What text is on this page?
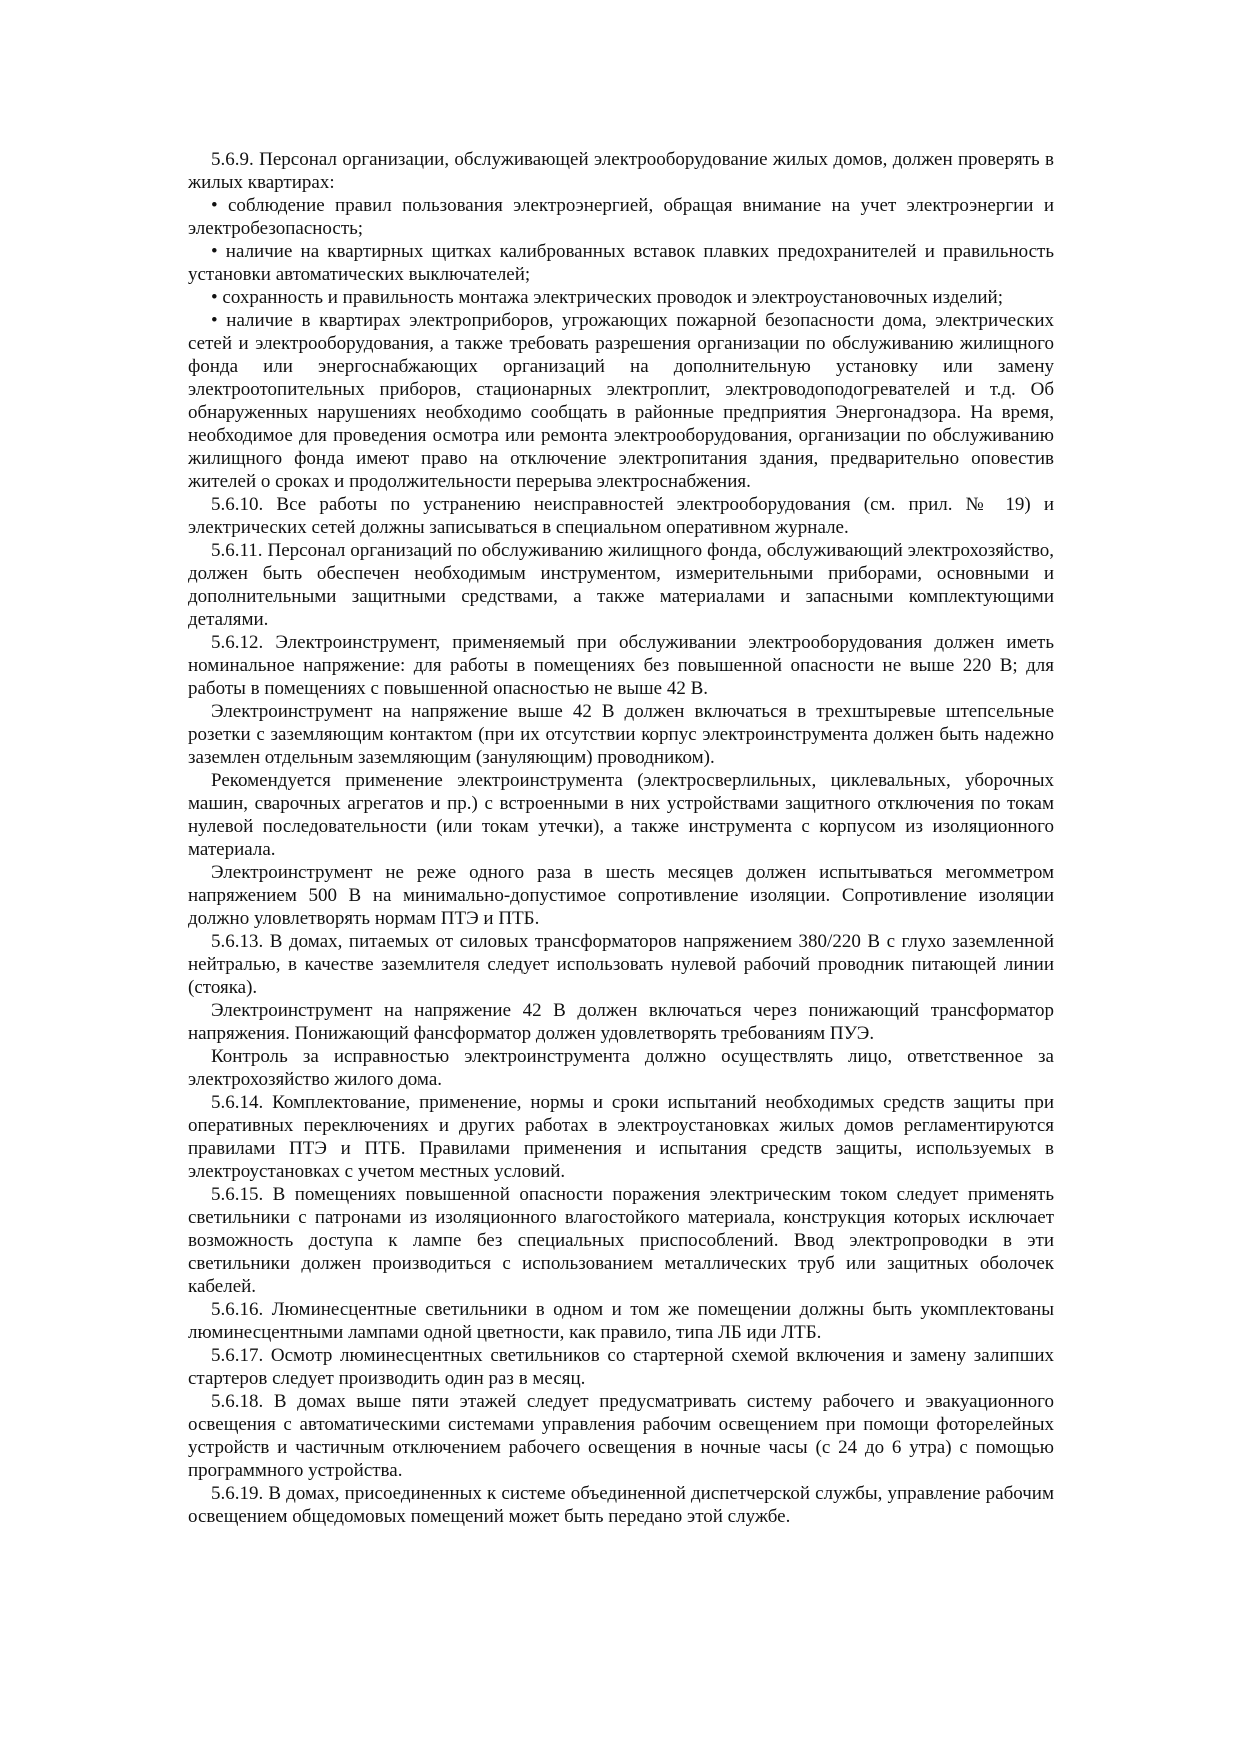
5.6.9. Персонал организации, обслуживающей электрооборудование жилых домов, должен проверять в жилых квартирах:

• соблюдение правил пользования электроэнергией, обращая внимание на учет электроэнергии и электробезопасность;

• наличие на квартирных щитках калиброванных вставок плавких предохранителей и правильность установки автоматических выключателей;

• сохранность и правильность монтажа электрических проводок и электроустановочных изделий;

• наличие в квартирах электроприборов, угрожающих пожарной безопасности дома, электрических сетей и электрооборудования, а также требовать разрешения организации по обслуживанию жилищного фонда или энергоснабжающих организаций на дополнительную установку или замену электроотопительных приборов, стационарных электроплит, электроводоподогревателей и т.д. Об обнаруженных нарушениях необходимо сообщать в районные предприятия Энергонадзора. На время, необходимое для проведения осмотра или ремонта электрооборудования, организации по обслуживанию жилищного фонда имеют право на отключение электропитания здания, предварительно оповестив жителей о сроках и продолжительности перерыва электроснабжения.

5.6.10. Все работы по устранению неисправностей электрооборудования (см. прил. № 19) и электрических сетей должны записываться в специальном оперативном журнале.

5.6.11. Персонал организаций по обслуживанию жилищного фонда, обслуживающий электрохозяйство, должен быть обеспечен необходимым инструментом, измерительными приборами, основными и дополнительными защитными средствами, а также материалами и запасными комплектующими деталями.

5.6.12. Электроинструмент, применяемый при обслуживании электрооборудования должен иметь номинальное напряжение: для работы в помещениях без повышенной опасности не выше 220 В; для работы в помещениях с повышенной опасностью не выше 42 В.

Электроинструмент на напряжение выше 42 В должен включаться в трехштыревые штепсельные розетки с заземляющим контактом (при их отсутствии корпус электроинструмента должен быть надежно заземлен отдельным заземляющим (зануляющим) проводником).

Рекомендуется применение электроинструмента (электросверлильных, циклевальных, уборочных машин, сварочных агрегатов и пр.) с встроенными в них устройствами защитного отключения по токам нулевой последовательности (или токам утечки), а также инструмента с корпусом из изоляционного материала.

Электроинструмент не реже одного раза в шесть месяцев должен испытываться мегомметром напряжением 500 В на минимально-допустимое сопротивление изоляции. Сопротивление изоляции должно уловлетворять нормам ПТЭ и ПТБ.

5.6.13. В домах, питаемых от силовых трансформаторов напряжением 380/220 В с глухо заземленной нейтралью, в качестве заземлителя следует использовать нулевой рабочий проводник питающей линии (стояка).

Электроинструмент на напряжение 42 В должен включаться через понижающий трансформатор напряжения. Понижающий фансформатор должен удовлетворять требованиям ПУЭ.

Контроль за исправностью электроинструмента должно осуществлять лицо, ответственное за электрохозяйство жилого дома.

5.6.14. Комплектование, применение, нормы и сроки испытаний необходимых средств защиты при оперативных переключениях и других работах в электроустановках жилых домов регламентируются правилами ПТЭ и ПТБ. Правилами применения и испытания средств защиты, используемых в электроустановках с учетом местных условий.

5.6.15. В помещениях повышенной опасности поражения электрическим током следует применять светильники с патронами из изоляционного влагостойкого материала, конструкция которых исключает возможность доступа к лампе без специальных приспособлений. Ввод электропроводки в эти светильники должен производиться с использованием металлических труб или защитных оболочек кабелей.

5.6.16. Люминесцентные светильники в одном и том же помещении должны быть укомплектованы люминесцентными лампами одной цветности, как правило, типа ЛБ иди ЛТБ.

5.6.17. Осмотр люминесцентных светильников со стартерной схемой включения и замену залипших стартеров следует производить один раз в месяц.

5.6.18. В домах выше пяти этажей следует предусматривать систему рабочего и эвакуационного освещения с автоматическими системами управления рабочим освещением при помощи фоторелейных устройств и частичным отключением рабочего освещения в ночные часы (с 24 до 6 утра) с помощью программного устройства.

5.6.19. В домах, присоединенных к системе объединенной диспетчерской службы, управление рабочим освещением общедомовых помещений может быть передано этой службе.
